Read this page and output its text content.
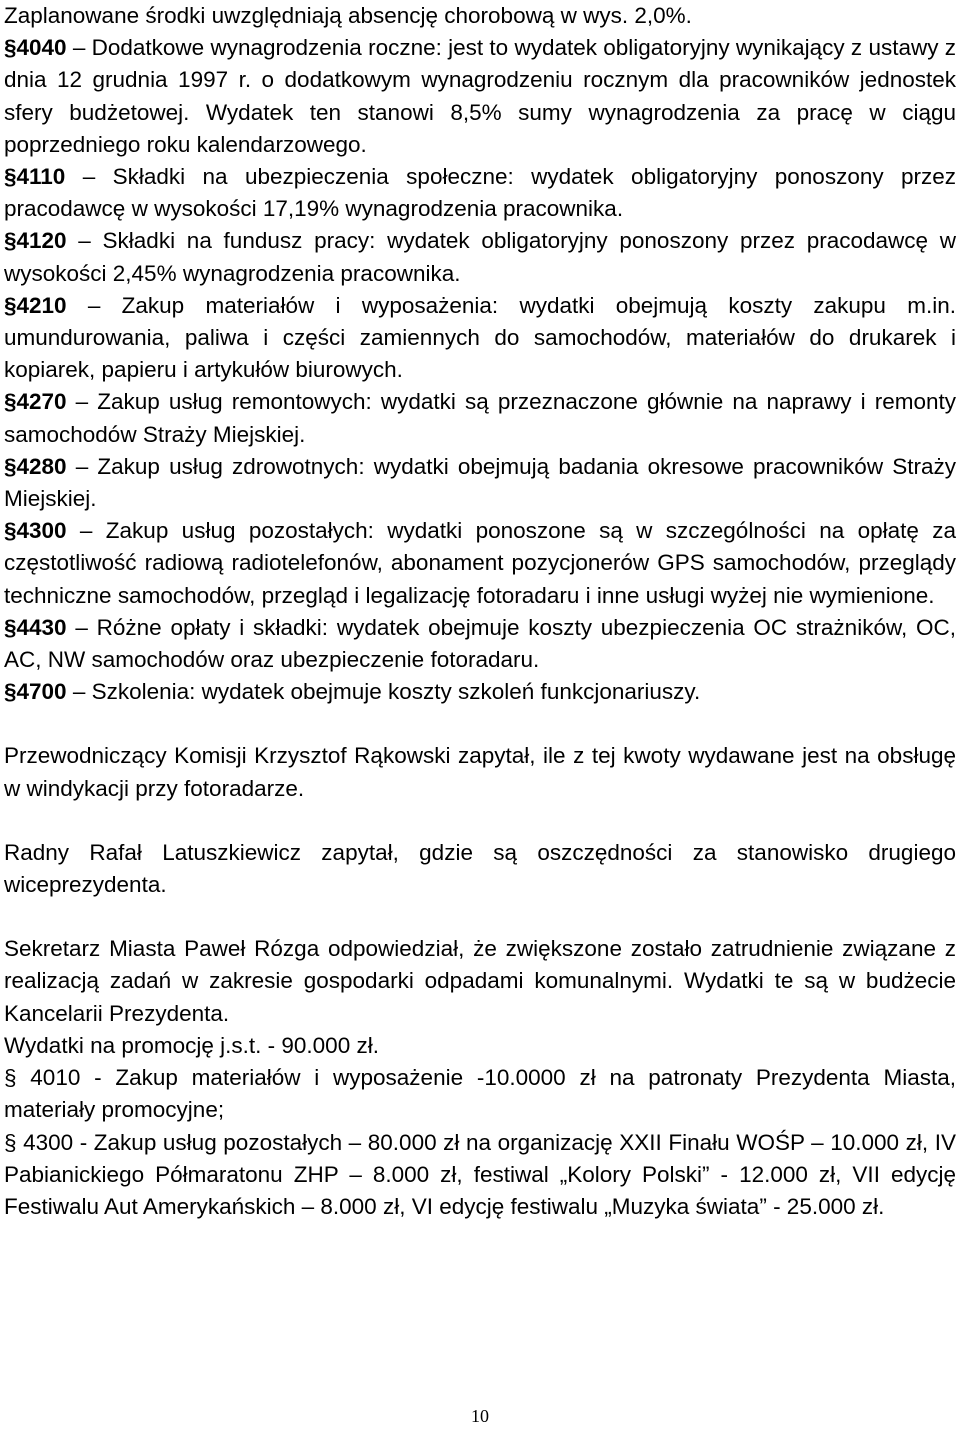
Zaplanowane środki uwzględniają absencję chorobową w wys. 2,0%.

§4040 – Dodatkowe wynagrodzenia roczne: jest to wydatek obligatoryjny wynikający z ustawy z dnia 12 grudnia 1997 r. o dodatkowym wynagrodzeniu rocznym dla pracowników jednostek sfery budżetowej. Wydatek ten stanowi 8,5% sumy wynagrodzenia za pracę w ciągu poprzedniego roku kalendarzowego.

§4110 – Składki na ubezpieczenia społeczne: wydatek obligatoryjny ponoszony przez pracodawcę w wysokości 17,19% wynagrodzenia pracownika.

§4120 – Składki na fundusz pracy: wydatek obligatoryjny ponoszony przez pracodawcę w wysokości 2,45% wynagrodzenia pracownika.

§4210 – Zakup materiałów i wyposażenia: wydatki obejmują koszty zakupu m.in. umundurowania, paliwa i części zamiennych do samochodów, materiałów do drukarek i kopiarek, papieru i artykułów biurowych.

§4270 – Zakup usług remontowych: wydatki są przeznaczone głównie na naprawy i remonty samochodów Straży Miejskiej.

§4280 – Zakup usług zdrowotnych: wydatki obejmują badania okresowe pracowników Straży Miejskiej.

§4300 – Zakup usług pozostałych: wydatki ponoszone są w szczególności na opłatę za częstotliwość radiową radiotelefonów, abonament pozycjonerów GPS samochodów, przeglądy techniczne samochodów, przegląd i legalizację fotoradaru i inne usługi wyżej nie wymienione.

§4430 – Różne opłaty i składki: wydatek obejmuje koszty ubezpieczenia OC strażników, OC, AC, NW samochodów oraz ubezpieczenie fotoradaru.

§4700 – Szkolenia: wydatek obejmuje koszty szkoleń funkcjonariuszy.

Przewodniczący Komisji Krzysztof Rąkowski zapytał, ile z tej kwoty wydawane jest na obsługę w windykacji przy fotoradarze.

Radny Rafał Latuszkiewicz zapytał, gdzie są oszczędności za stanowisko drugiego wiceprezydenta.

Sekretarz Miasta Paweł Rózga odpowiedział, że zwiększone zostało zatrudnienie związane z realizacją zadań w zakresie gospodarki odpadami komunalnymi. Wydatki te są w budżecie Kancelarii Prezydenta.

Wydatki na promocję j.s.t. - 90.000 zł.

§ 4010 - Zakup materiałów i wyposażenie -10.0000 zł na patronaty Prezydenta Miasta, materiały promocyjne;

§ 4300 - Zakup usług pozostałych – 80.000 zł na organizację XXII Finału WOŚP – 10.000 zł, IV Pabianickiego Półmaratonu ZHP – 8.000 zł, festiwal „Kolory Polski” - 12.000 zł, VII edycję Festiwalu Aut Amerykańskich – 8.000 zł, VI edycję festiwalu „Muzyka świata” - 25.000 zł.

10
